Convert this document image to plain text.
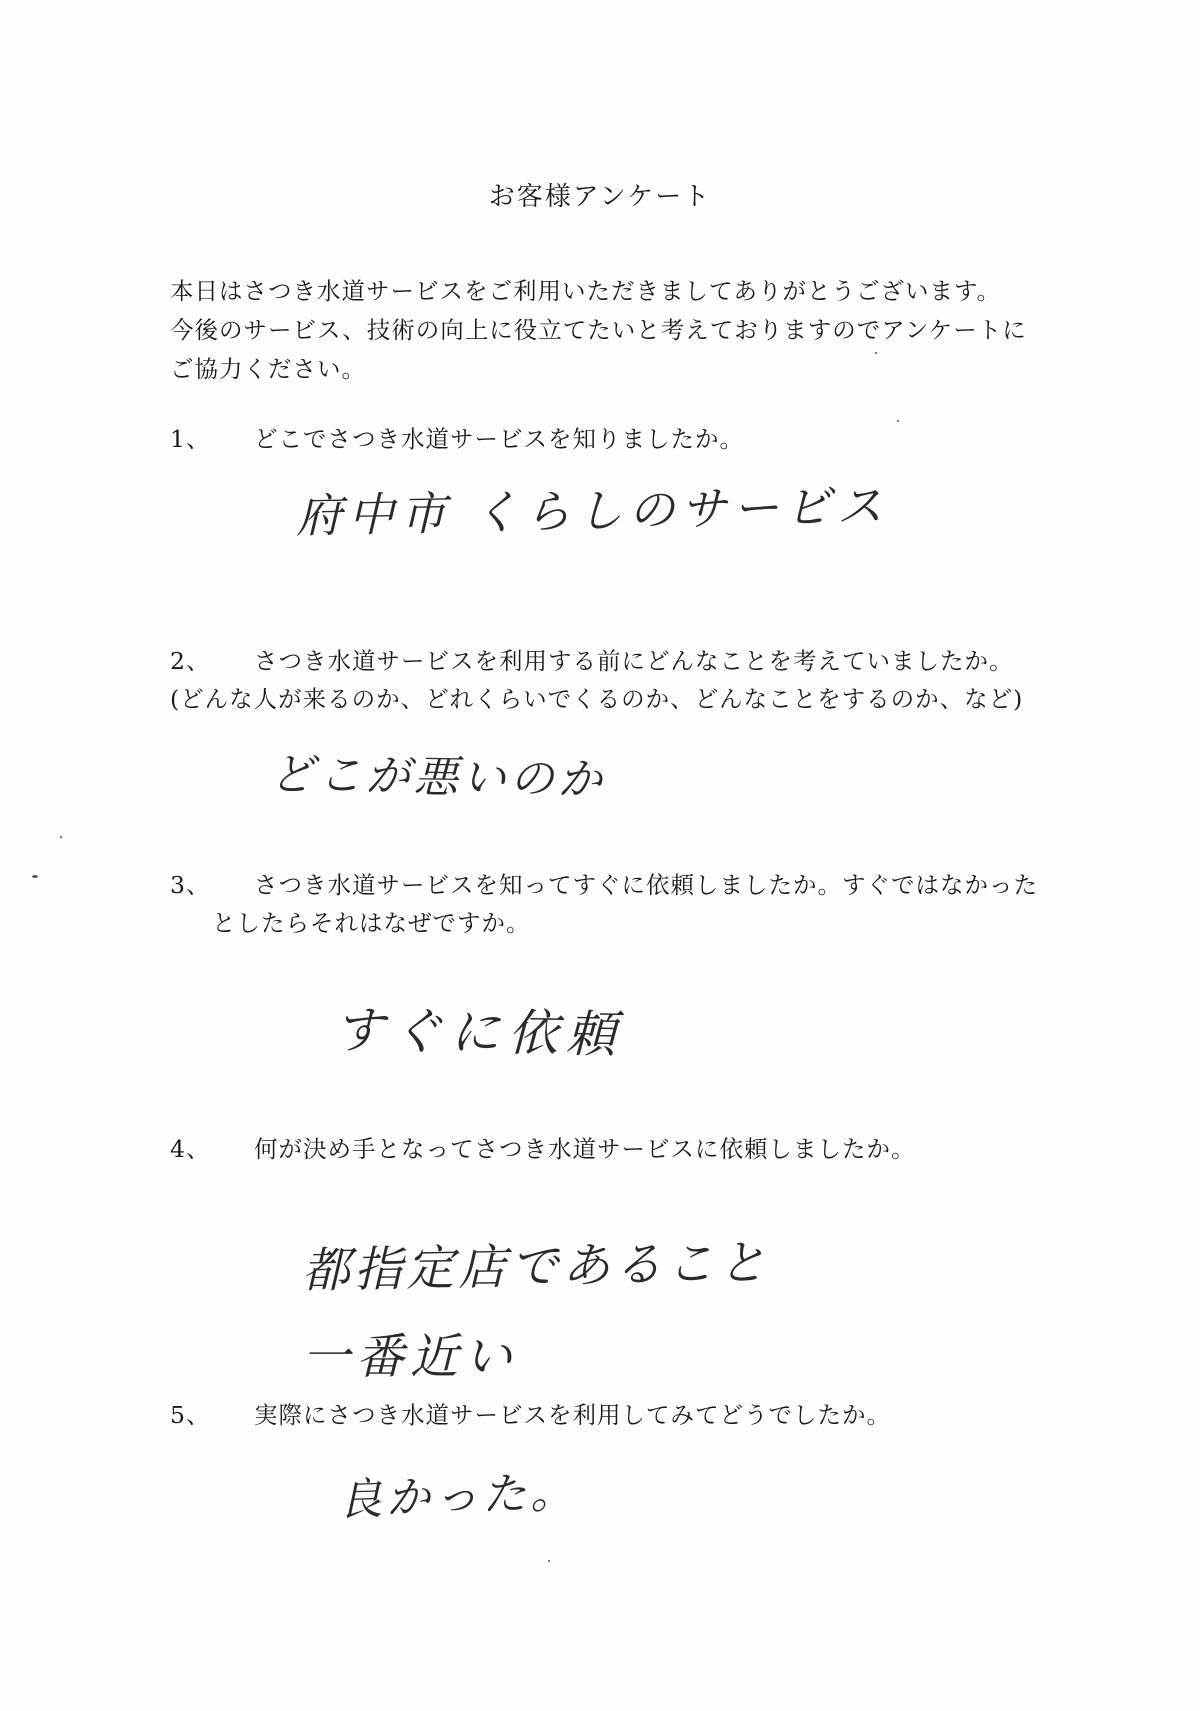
お客様アンケート
本日はさつき水道サービスをご利用いただきましてありがとうございます。
今後のサービス、技術の向上に役立てたいと考えておりますのでアンケートに
ご協力ください。
1、 どこでさつき水道サービスを知りましたか。
府中市 くらしのサービス
2、 さつき水道サービスを利用する前にどんなことを考えていましたか。
(どんな人が来るのか、どれくらいでくるのか、どんなことをするのか、など)
どこが悪いのか
3、 さつき水道サービスを知ってすぐに依頼しましたか。すぐではなかった
としたらそれはなぜですか。
すぐに依頼
4、 何が決め手となってさつき水道サービスに依頼しましたか。
都指定店であること
一番近い
5、 実際にさつき水道サービスを利用してみてどうでしたか。
良かった。
